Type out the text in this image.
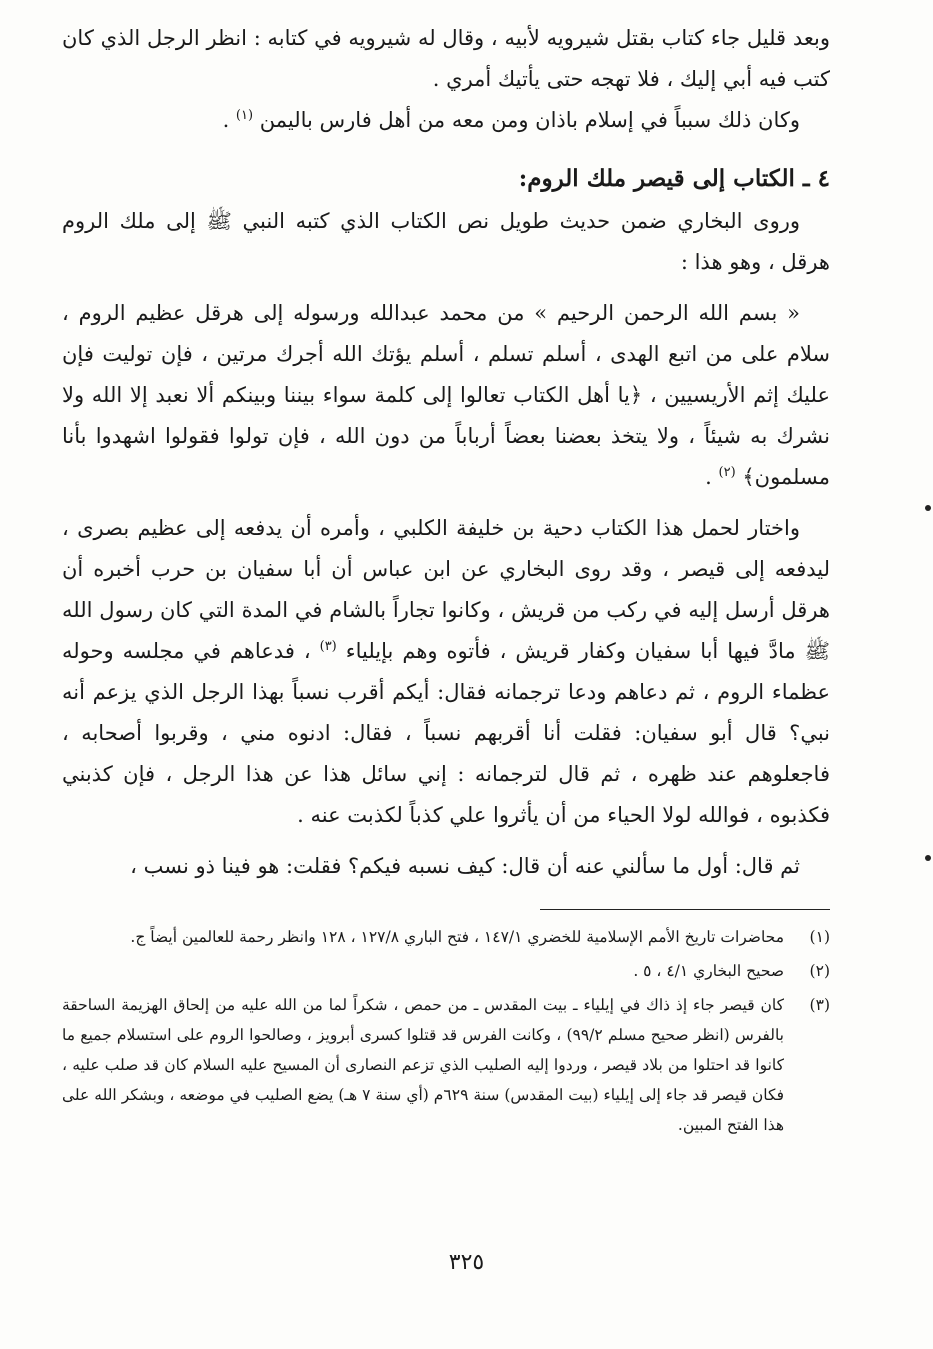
وبعد قليل جاء كتاب بقتل شيرويه لأبيه ، وقال له شيرويه في كتابه : انظر الرجل الذي كان كتب فيه أبي إليك ، فلا تهجه حتى يأتيك أمري .

وكان ذلك سبباً في إسلام باذان ومن معه من أهل فارس باليمن $^{(١)}$ .

٤ ـ الكتاب إلى قيصر ملك الروم:

وروى البخاري ضمن حديث طويل نص الكتاب الذي كتبه النبي ﷺ إلى ملك الروم هرقل ، وهو هذا :

« بسم الله الرحمن الرحيم » من محمد عبدالله ورسوله إلى هرقل عظيم الروم ، سلام على من اتبع الهدى ، أسلم تسلم ، أسلم يؤتك الله أجرك مرتين ، فإن توليت فإن عليك إثم الأريسيين ، ﴿يا أهل الكتاب تعالوا إلى كلمة سواء بيننا وبينكم ألا نعبد إلا الله ولا نشرك به شيئاً ، ولا يتخذ بعضنا بعضاً أرباباً من دون الله ، فإن تولوا فقولوا اشهدوا بأنا مسلمون﴾ $^{(٢)}$ .

واختار لحمل هذا الكتاب دحية بن خليفة الكلبي ، وأمره أن يدفعه إلى عظيم بصرى ، ليدفعه إلى قيصر ، وقد روى البخاري عن ابن عباس أن أبا سفيان بن حرب أخبره أن هرقل أرسل إليه في ركب من قريش ، وكانوا تجاراً بالشام في المدة التي كان رسول الله ﷺ مادَّ فيها أبا سفيان وكفار قريش ، فأتوه وهم بإيلياء $^{(٣)}$ ، فدعاهم في مجلسه وحوله عظماء الروم ، ثم دعاهم ودعا ترجمانه فقال: أيكم أقرب نسباً بهذا الرجل الذي يزعم أنه نبي؟ قال أبو سفيان: فقلت أنا أقربهم نسباً ، فقال: ادنوه مني ، وقربوا أصحابه ، فاجعلوهم عند ظهره ، ثم قال لترجمانه : إني سائل هذا عن هذا الرجل ، فإن كذبني فكذبوه ، فوالله لولا الحياء من أن يأثروا علي كذباً لكذبت عنه .

ثم قال: أول ما سألني عنه أن قال: كيف نسبه فيكم؟ فقلت: هو فينا ذو نسب ،

(١)
محاضرات تاريخ الأمم الإسلامية للخضري ١٤٧/١ ، فتح الباري ١٢٧/٨ ، ١٢٨ وانظر رحمة للعالمين أيضاً ج.
(٢)
صحيح البخاري ٤/١ ، ٥ .
(٣)
كان قيصر جاء إذ ذاك في إيلياء ـ بيت المقدس ـ من حمص ، شكراً لما من الله عليه من إلحاق الهزيمة الساحقة بالفرس (انظر صحيح مسلم ٩٩/٢) ، وكانت الفرس قد قتلوا كسرى أبرويز ، وصالحوا الروم على استسلام جميع ما كانوا قد احتلوا من بلاد قيصر ، وردوا إليه الصليب الذي تزعم النصارى أن المسيح عليه السلام كان قد صلب عليه ، فكان قيصر قد جاء إلى إيلياء (بيت المقدس) سنة ٦٢٩م (أي سنة ٧ هـ) يضع الصليب في موضعه ، وبشكر الله على هذا الفتح المبين.
٣٢٥
